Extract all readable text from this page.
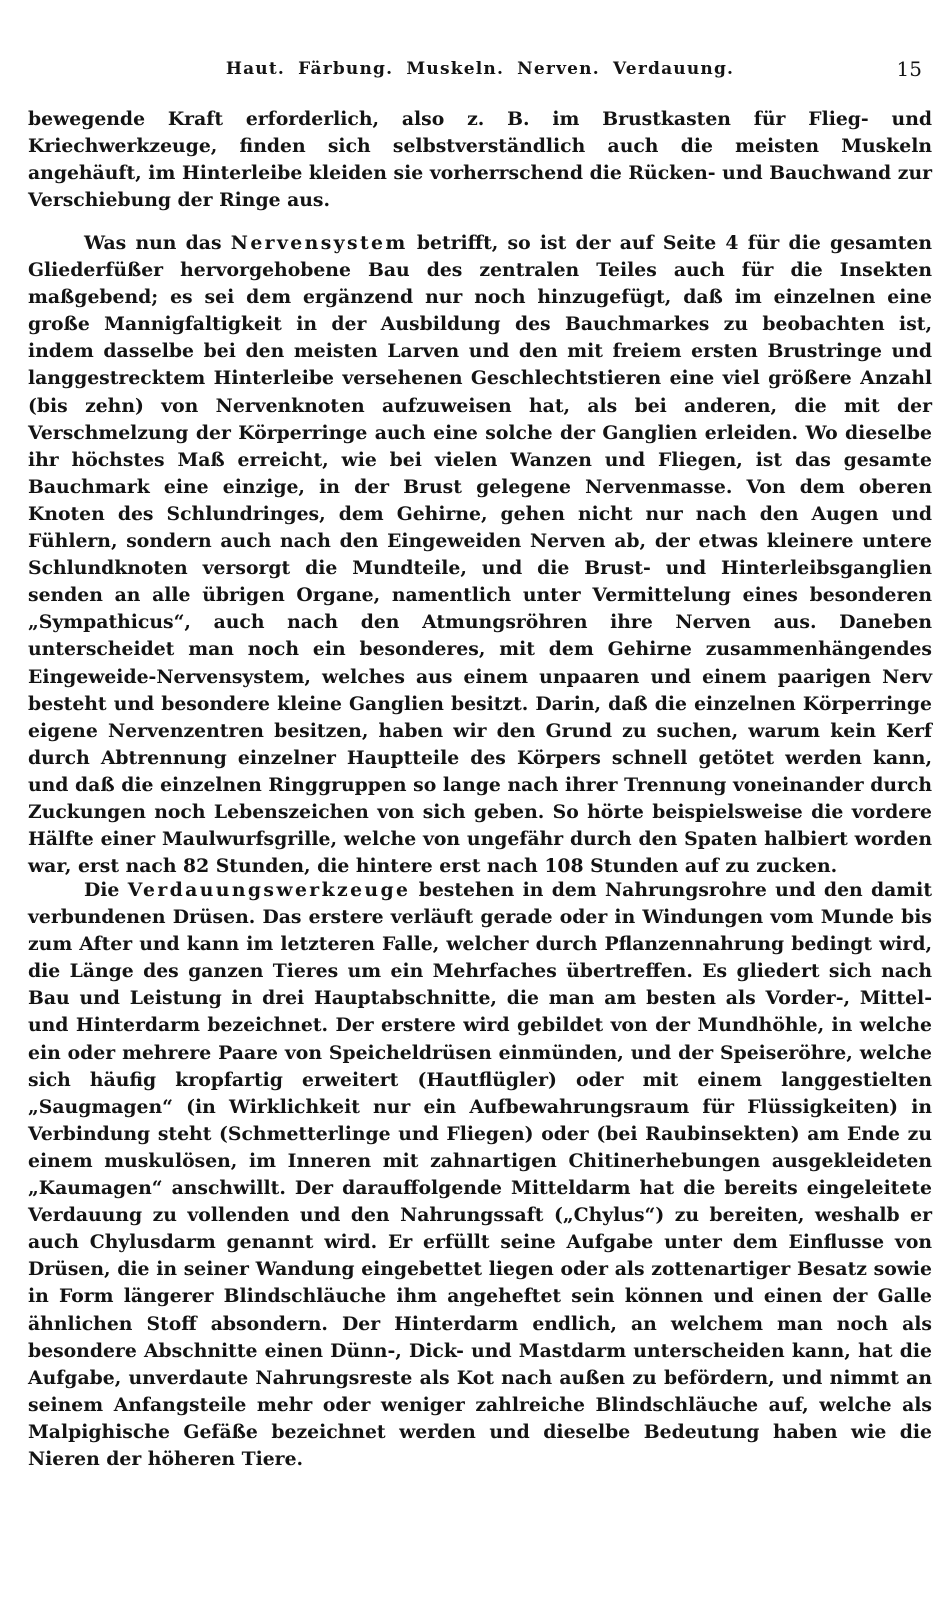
Haut. Färbung. Muskeln. Nerven. Verdauung.	15

bewegende Kraft erforderlich, also z. B. im Brustkasten für Flieg- und Kriechwerkzeuge, finden sich selbstverständlich auch die meisten Muskeln angehäuft, im Hinterleibe kleiden sie vorherrschend die Rücken- und Bauchwand zur Verschiebung der Ringe aus.

Was nun das Nervensystem betrifft, so ist der auf Seite 4 für die gesamten Gliederfüßer hervorgehobene Bau des zentralen Teiles auch für die Insekten maßgebend; es sei dem ergänzend nur noch hinzugefügt, daß im einzelnen eine große Mannigfaltigkeit in der Ausbildung des Bauchmarkes zu beobachten ist, indem dasselbe bei den meisten Larven und den mit freiem ersten Brustringe und langgestrecktem Hinterleibe versehenen Geschlechtstieren eine viel größere Anzahl (bis zehn) von Nervenknoten aufzuweisen hat, als bei anderen, die mit der Verschmelzung der Körperringe auch eine solche der Ganglien erleiden. Wo dieselbe ihr höchstes Maß erreicht, wie bei vielen Wanzen und Fliegen, ist das gesamte Bauchmark eine einzige, in der Brust gelegene Nervenmasse. Von dem oberen Knoten des Schlundringes, dem Gehirne, gehen nicht nur nach den Augen und Fühlern, sondern auch nach den Eingeweiden Nerven ab, der etwas kleinere untere Schlundknoten versorgt die Mundteile, und die Brust- und Hinterleibsganglien senden an alle übrigen Organe, namentlich unter Vermittelung eines besonderen „Sympathicus“, auch nach den Atmungsröhren ihre Nerven aus. Daneben unterscheidet man noch ein besonderes, mit dem Gehirne zusammenhängendes Eingeweide-Nervensystem, welches aus einem unpaaren und einem paarigen Nerv besteht und besondere kleine Ganglien besitzt. Darin, daß die einzelnen Körperringe eigene Nervenzentren besitzen, haben wir den Grund zu suchen, warum kein Kerf durch Abtrennung einzelner Hauptteile des Körpers schnell getötet werden kann, und daß die einzelnen Ringgruppen so lange nach ihrer Trennung voneinander durch Zuckungen noch Lebenszeichen von sich geben. So hörte beispielsweise die vordere Hälfte einer Maulwurfsgrille, welche von ungefähr durch den Spaten halbiert worden war, erst nach 82 Stunden, die hintere erst nach 108 Stunden auf zu zucken.

Die Verdauungswerkzeuge bestehen in dem Nahrungsrohre und den damit verbundenen Drüsen. Das erstere verläuft gerade oder in Windungen vom Munde bis zum After und kann im letzteren Falle, welcher durch Pflanzennahrung bedingt wird, die Länge des ganzen Tieres um ein Mehrfaches übertreffen. Es gliedert sich nach Bau und Leistung in drei Hauptabschnitte, die man am besten als Vorder-, Mittel- und Hinterdarm bezeichnet. Der erstere wird gebildet von der Mundhöhle, in welche ein oder mehrere Paare von Speicheldrüsen einmünden, und der Speiseröhre, welche sich häufig kropfartig erweitert (Hautflügler) oder mit einem langgestielten „Saugmagen“ (in Wirklichkeit nur ein Aufbewahrungsraum für Flüssigkeiten) in Verbindung steht (Schmetterlinge und Fliegen) oder (bei Raubinsekten) am Ende zu einem muskulösen, im Inneren mit zahnartigen Chitinerhebungen ausgekleideten „Kaumagen“ anschwillt. Der darauffolgende Mitteldarm hat die bereits eingeleitete Verdauung zu vollenden und den Nahrungssaft („Chylus“) zu bereiten, weshalb er auch Chylusdarm genannt wird. Er erfüllt seine Aufgabe unter dem Einflusse von Drüsen, die in seiner Wandung eingebettet liegen oder als zottenartiger Besatz sowie in Form längerer Blindschläuche ihm angeheftet sein können und einen der Galle ähnlichen Stoff absondern. Der Hinterdarm endlich, an welchem man noch als besondere Abschnitte einen Dünn-, Dick- und Mastdarm unterscheiden kann, hat die Aufgabe, unverdaute Nahrungsreste als Kot nach außen zu befördern, und nimmt an seinem Anfangsteile mehr oder weniger zahlreiche Blindschläuche auf, welche als Malpighische Gefäße bezeichnet werden und dieselbe Bedeutung haben wie die Nieren der höheren Tiere.
